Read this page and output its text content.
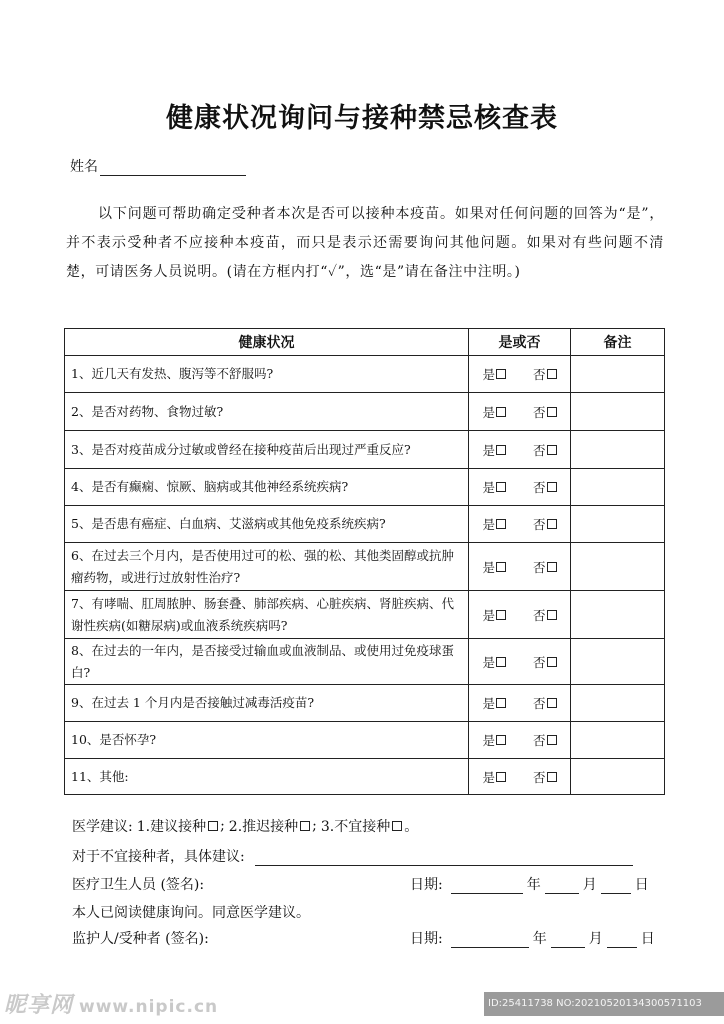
健康状况询问与接种禁忌核查表
姓名
以下问题可帮助确定受种者本次是否可以接种本疫苗。如果对任何问题的回答为“是”，并不表示受种者不应接种本疫苗，而只是表示还需要询问其他问题。如果对有些问题不清楚，可请医务人员说明。(请在方框内打“✓”，选“是”请在备注中注明。)
健康状况	是或否	备注
1、近几天有发热、腹泻等不舒服吗?	是 否	

2、是否对药物、食物过敏?	是 否	

3、是否对疫苗成分过敏或曾经在接种疫苗后出现过严重反应?	是 否	

4、是否有癫痫、惊厥、脑病或其他神经系统疾病?	是 否	

5、是否患有癌症、白血病、艾滋病或其他免疫系统疾病?	是 否	

6、在过去三个月内，是否使用过可的松、强的松、其他类固醇或抗肿瘤药物，或进行过放射性治疗?	是 否	

7、有哮喘、肛周脓肿、肠套叠、肺部疾病、心脏疾病、肾脏疾病、代谢性疾病(如糖尿病)或血液系统疾病吗?	是 否	

8、在过去的一年内，是否接受过输血或血液制品、或使用过免疫球蛋白?	是 否	

9、在过去 1 个月内是否接触过减毒活疫苗?	是 否	

10、是否怀孕?	是 否	

11、其他:	是 否	

医学建议: 1.建议接种 ; 2.推迟接种 ; 3.不宜接种 。
对于不宜接种者，具体建议:
医疗卫生人员 (签名):	日期:	年	月	日
本人已阅读健康询问。同意医学建议。
监护人/受种者 (签名):	日期:	年	月	日
昵享网 www.nipic.cn	ID:25411738 NO:20210520134300571103
